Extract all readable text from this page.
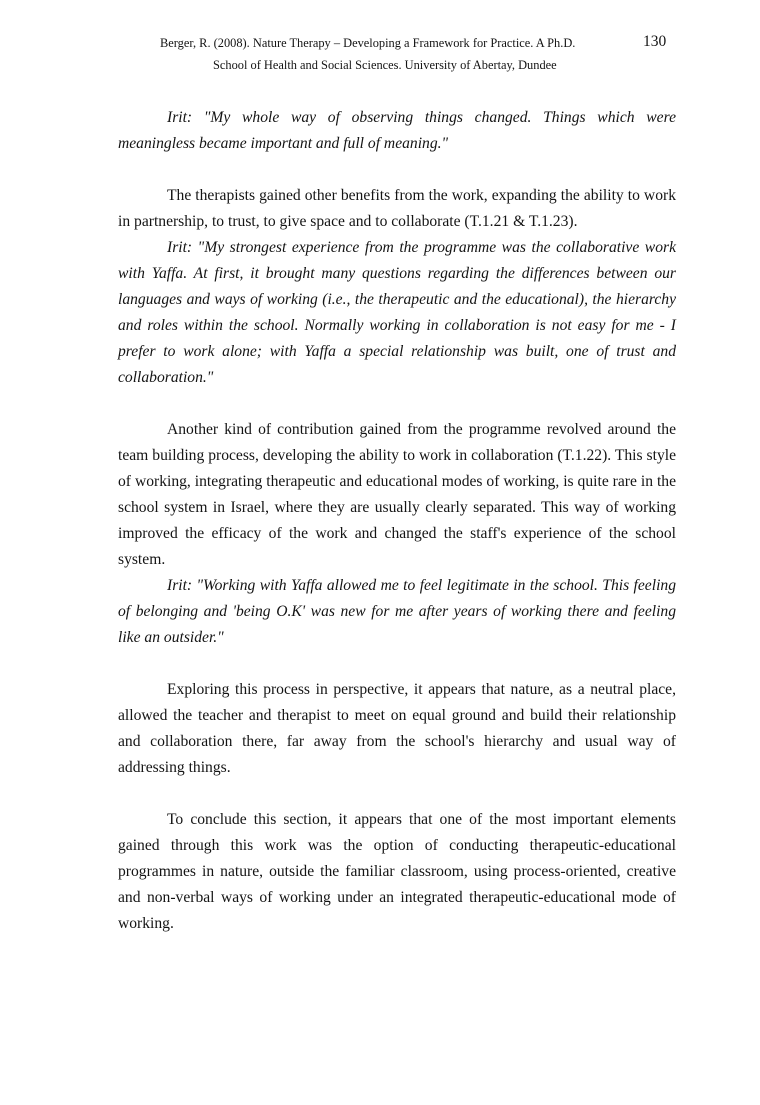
Berger, R. (2008). Nature Therapy – Developing a Framework for Practice. A Ph.D.	130
School of Health and Social Sciences. University of Abertay, Dundee

Irit: "My whole way of observing things changed. Things which were meaningless became important and full of meaning."

The therapists gained other benefits from the work, expanding the ability to work in partnership, to trust, to give space and to collaborate (T.1.21 & T.1.23).

Irit: "My strongest experience from the programme was the collaborative work with Yaffa. At first, it brought many questions regarding the differences between our languages and ways of working (i.e., the therapeutic and the educational), the hierarchy and roles within the school. Normally working in collaboration is not easy for me - I prefer to work alone; with Yaffa a special relationship was built, one of trust and collaboration."

Another kind of contribution gained from the programme revolved around the team building process, developing the ability to work in collaboration (T.1.22). This style of working, integrating therapeutic and educational modes of working, is quite rare in the school system in Israel, where they are usually clearly separated. This way of working improved the efficacy of the work and changed the staff's experience of the school system.

Irit: "Working with Yaffa allowed me to feel legitimate in the school. This feeling of belonging and 'being O.K' was new for me after years of working there and feeling like an outsider."

Exploring this process in perspective, it appears that nature, as a neutral place, allowed the teacher and therapist to meet on equal ground and build their relationship and collaboration there, far away from the school's hierarchy and usual way of addressing things.

To conclude this section, it appears that one of the most important elements gained through this work was the option of conducting therapeutic-educational programmes in nature, outside the familiar classroom, using process-oriented, creative and non-verbal ways of working under an integrated therapeutic-educational mode of working.
